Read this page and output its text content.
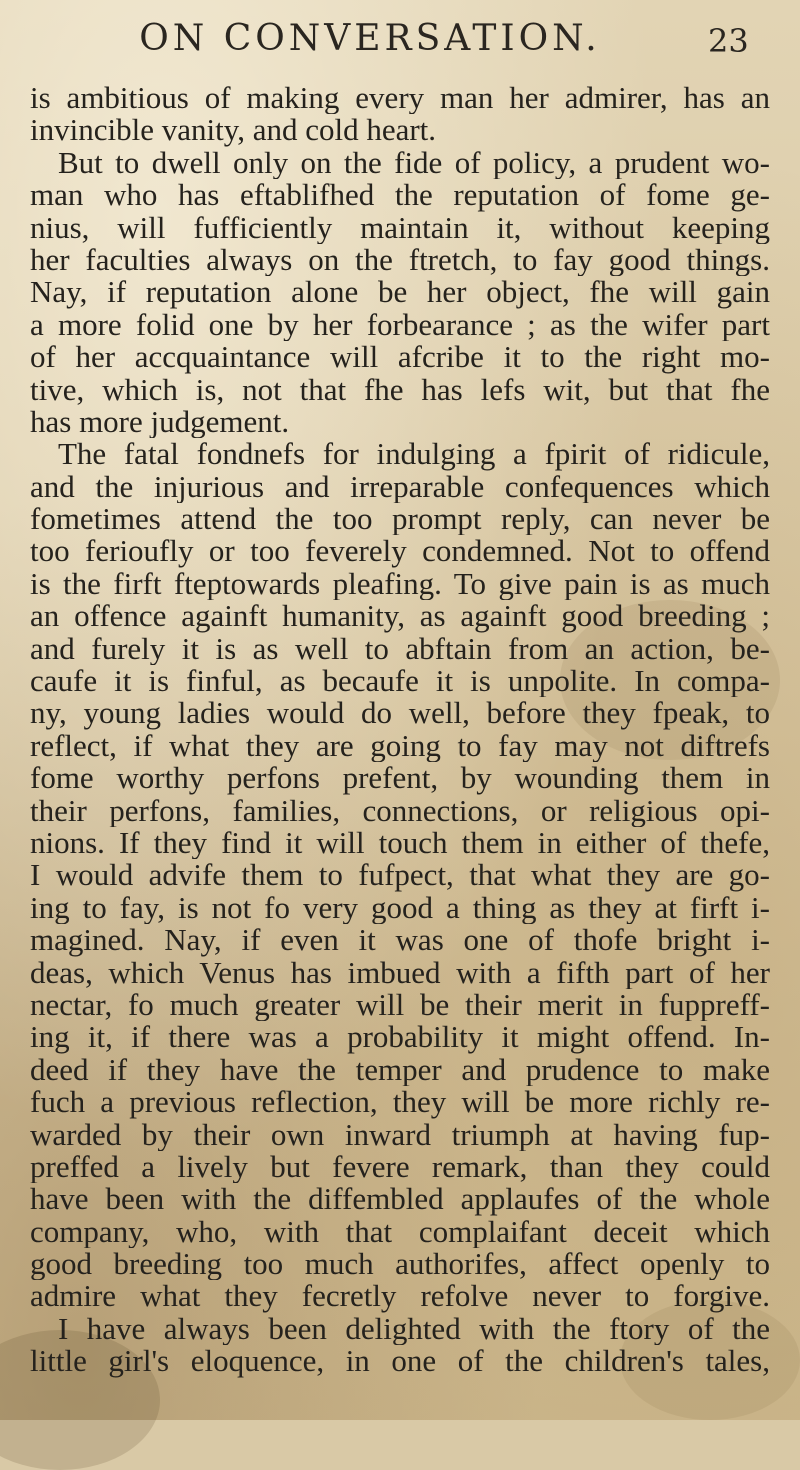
ON CONVERSATION.	23
is ambitious of making every man her admirer, has an
invincible vanity, and cold heart.
But to dwell only on the fide of policy, a prudent wo-
man who has eftablifhed the reputation of fome ge-
nius, will fufficiently maintain it, without keeping
her faculties always on the ftretch, to fay good things.
Nay, if reputation alone be her object, fhe will gain
a more folid one by her forbearance ; as the wifer part
of her accquaintance will afcribe it to the right mo-
tive, which is, not that fhe has lefs wit, but that fhe
has more judgement.
The fatal fondnefs for indulging a fpirit of ridicule,
and the injurious and irreparable confequences which
fometimes attend the too prompt reply, can never be
too ferioufly or too feverely condemned. Not to offend
is the firft fteptowards pleafing. To give pain is as much
an offence againft humanity, as againft good breeding ;
and furely it is as well to abftain from an action, be-
caufe it is finful, as becaufe it is unpolite. In compa-
ny, young ladies would do well, before they fpeak, to
reflect, if what they are going to fay may not diftrefs
fome worthy perfons prefent, by wounding them in
their perfons, families, connections, or religious opi-
nions. If they find it will touch them in either of thefe,
I would advife them to fufpect, that what they are go-
ing to fay, is not fo very good a thing as they at firft i-
magined. Nay, if even it was one of thofe bright i-
deas, which Venus has imbued with a fifth part of her
nectar, fo much greater will be their merit in fuppreff-
ing it, if there was a probability it might offend. In-
deed if they have the temper and prudence to make
fuch a previous reflection, they will be more richly re-
warded by their own inward triumph at having fup-
preffed a lively but fevere remark, than they could
have been with the diffembled applaufes of the whole
company, who, with that complaifant deceit which
good breeding too much authorifes, affect openly to
admire what they fecretly refolve never to forgive.
I have always been delighted with the ftory of the
little girl's eloquence, in one of the children's tales,
